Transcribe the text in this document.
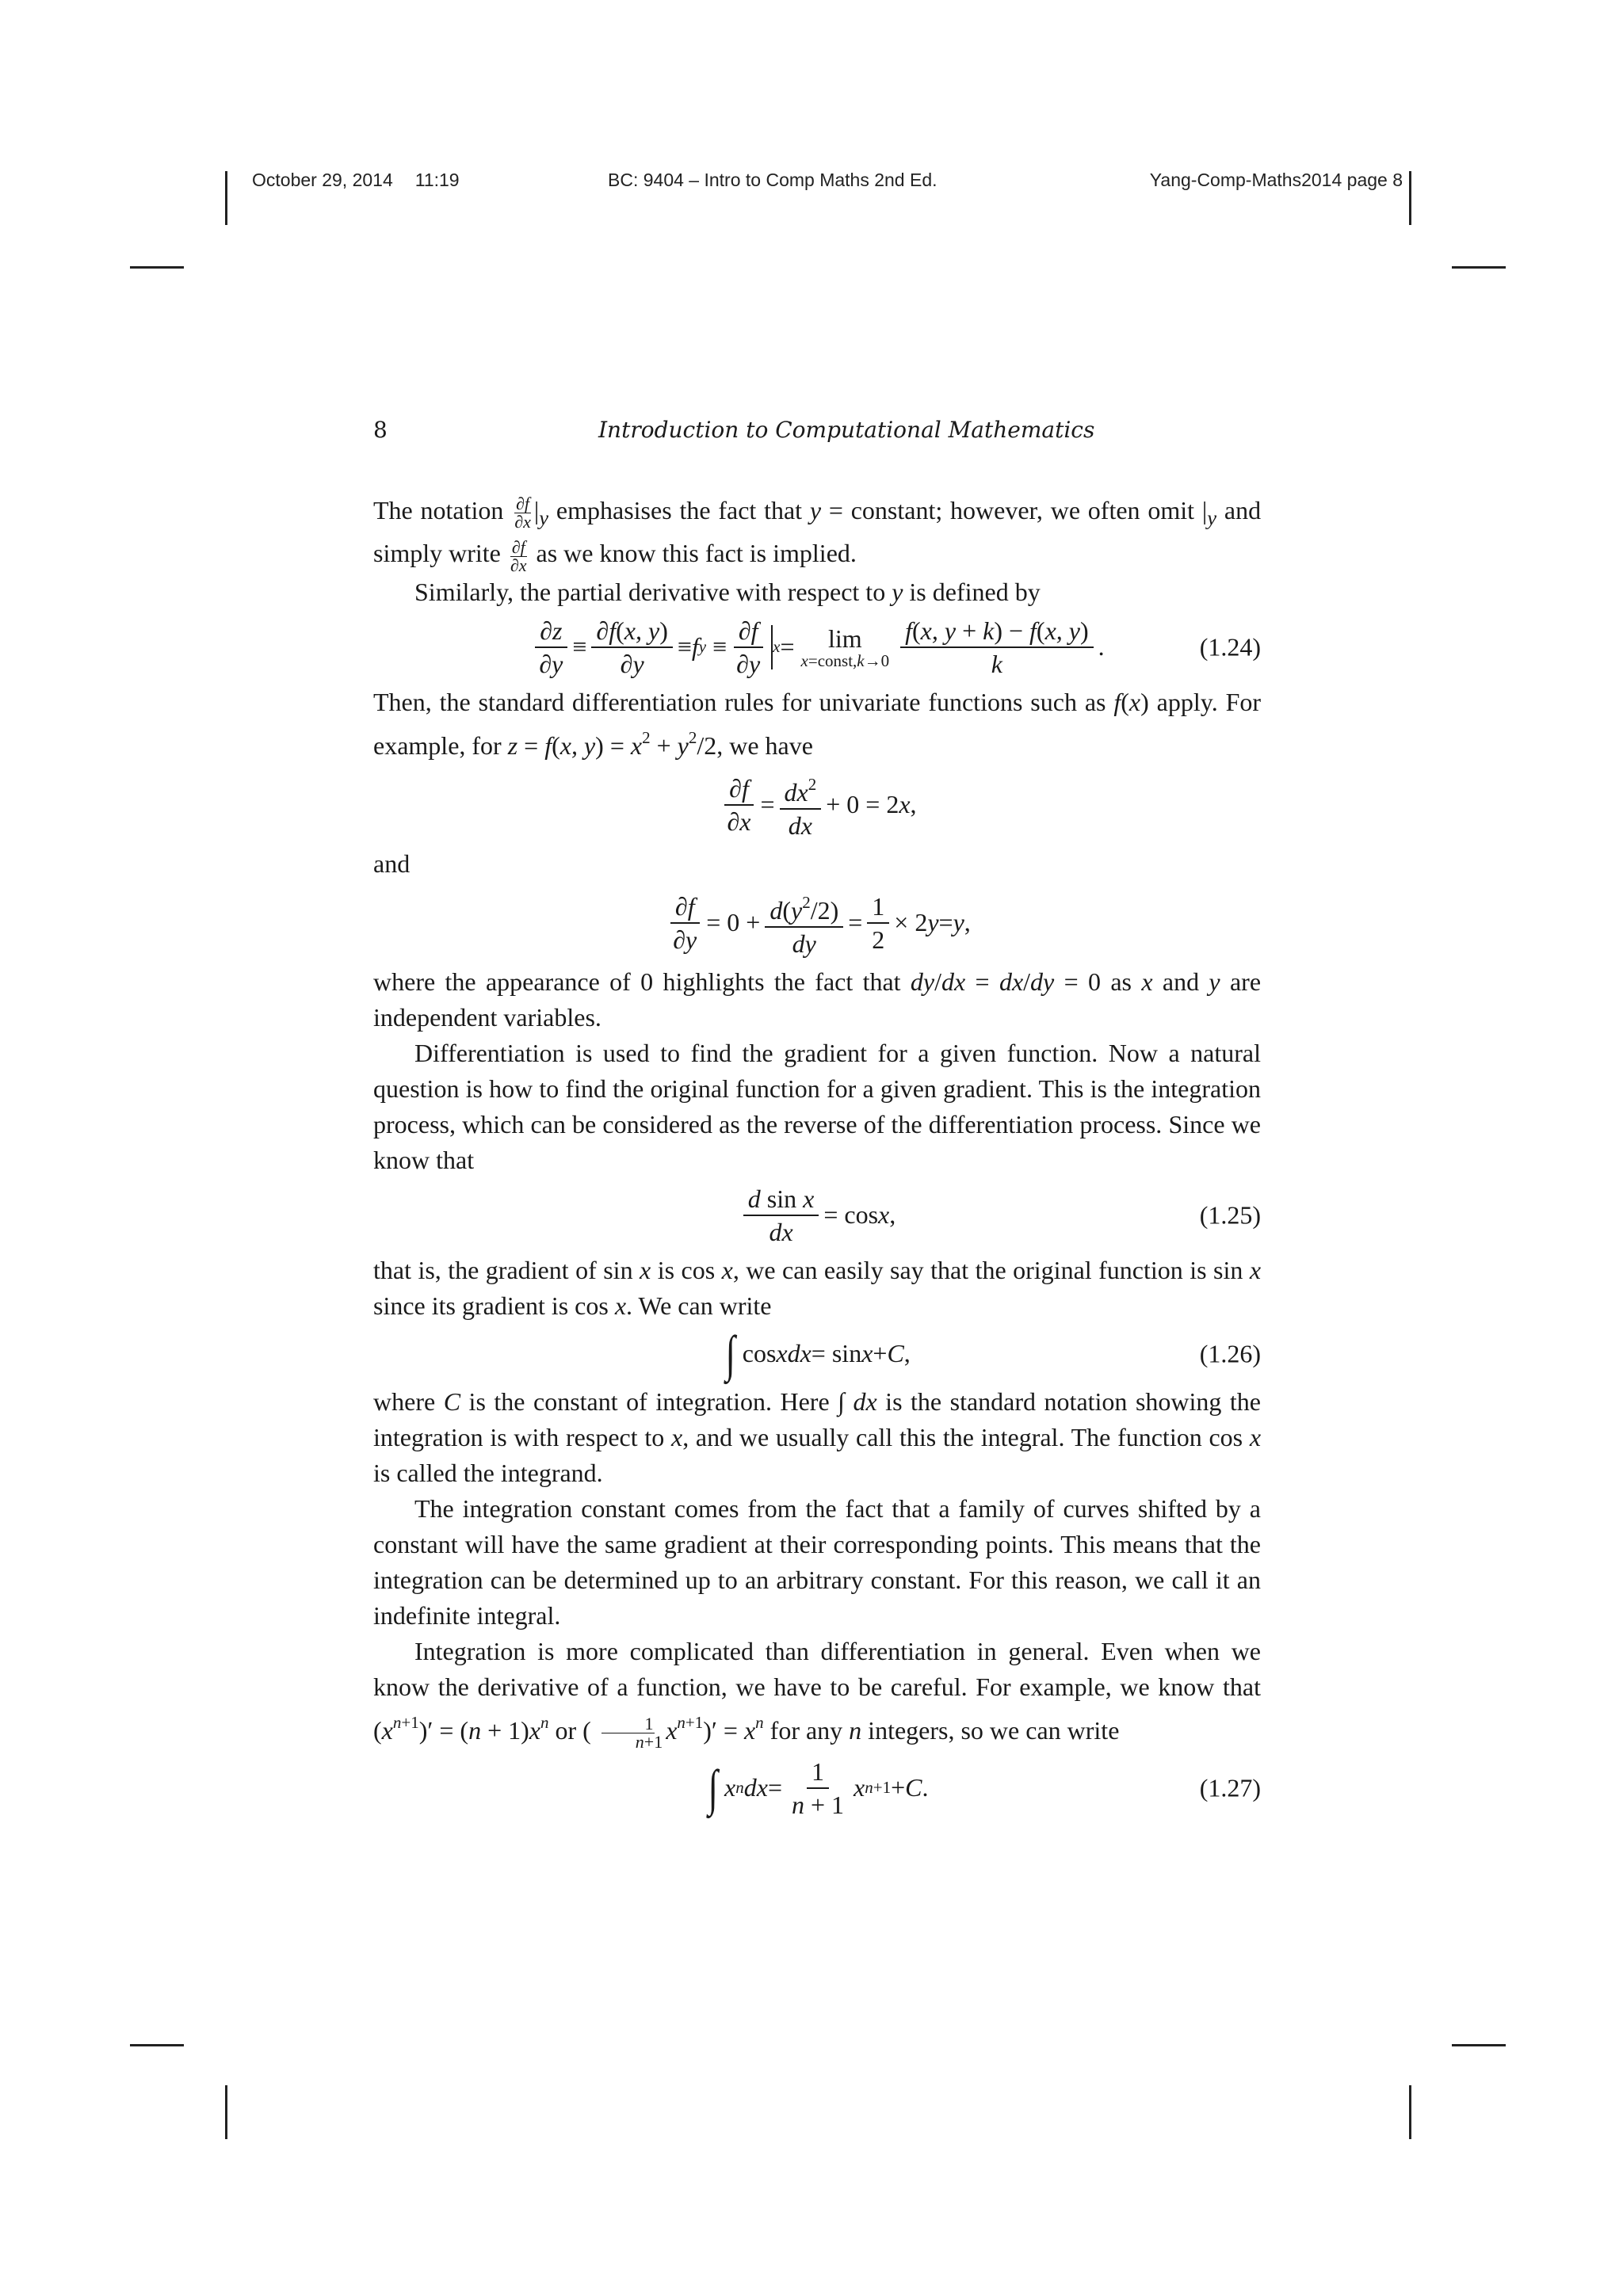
October 29, 2014 11:19	BC: 9404 – Intro to Comp Maths 2nd Ed.	Yang-Comp-Maths2014 page 8
8	Introduction to Computational Mathematics

The notation $\frac{\partial f}{\partial x} |_y$ emphasises the fact that y = constant; however, we often omit $|_y$ and simply write $\frac{\partial f}{\partial x}$ as we know this fact is implied.

Similarly, the partial derivative with respect to y is defined by

$\frac{\partial z}{\partial y} \equiv \frac{\partial f(x, y)}{\partial y} \equiv f$ $y \equiv \frac{\partial f}{\partial y}$ x =	lim
x=const,k→0 $\frac{f(x, y + k) - f(x, y)}{k}$ .	(1.24)

Then, the standard differentiation rules for univariate functions such as f(x) apply. For example, for z = f(x, $y) = x^2 + y^2/2$, we have

$\frac{\partial f}{\partial x} = \frac{dx^2}{dx} + 0 = 2$ x ,

and

$\frac{\partial f}{\partial y} = 0 + \frac{d(y^2/2)}{dy} = \frac{1}{2} \times 2$ y = y ,

where the appearance of 0 highlights the fact that dy/dx = dx/dy = 0 as x and y are independent variables.

Differentiation is used to find the gradient for a given function. Now a natural question is how to find the original function for a given gradient. This is the integration process, which can be considered as the reverse of the differentiation process. Since we know that

$\frac{\text{d sin x}}{dx} = \cos x$ ,	(1.25)

that is, the gradient of sin x is cos x, we can easily say that the original function is sin x since its gradient is cos x. We can write

∫ cos x dx = sin x + C ,	(1.26)

where C is the constant of integration. Here ∫ dx is the standard notation showing the integration is with respect to x, and we usually call this the integral. The function cos x is called the integrand.

The integration constant comes from the fact that a family of curves shifted by a constant will have the same gradient at their corresponding points. This means that the integration can be determined up to an arbitrary constant. For this reason, we call it an indefinite integral.

Integration is more complicated than differentiation in general. Even when we know the derivative of a function, we have to be careful. For example, we know that $(x^{n+1})' = (n + 1)x^n$ or ( $\frac{1}{n+1} x^{n+1})' = x^n$ for any n integers, so we can write

∫ x n dx = $\frac{1}{n + 1}$ x n+1 + C .	(1.27)
